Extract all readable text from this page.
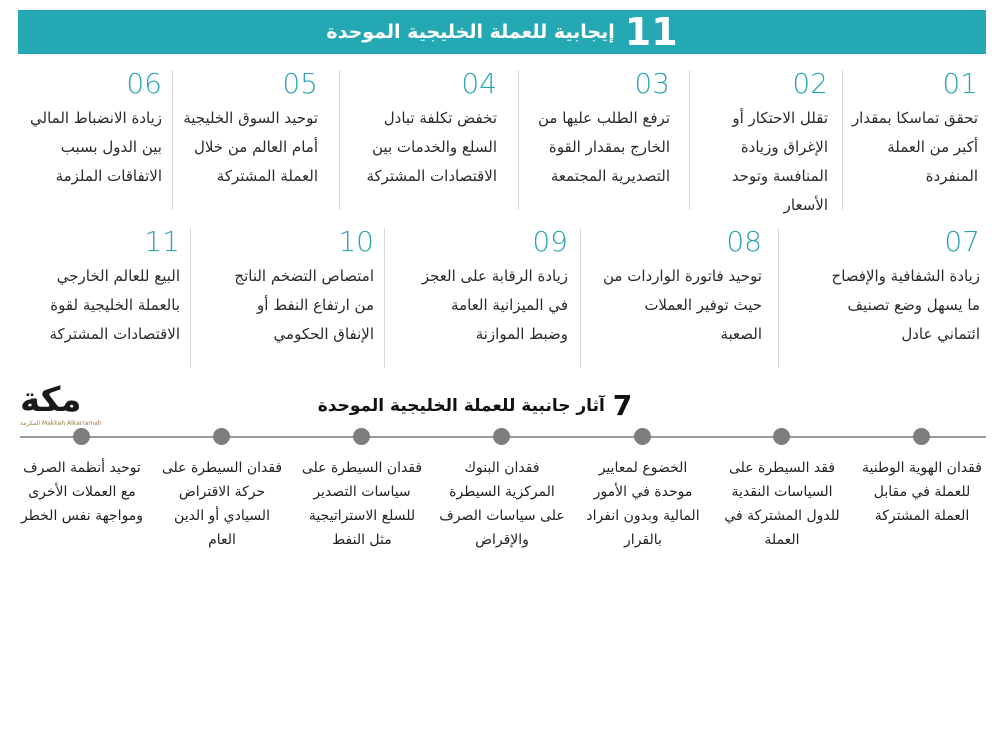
11
إيجابية للعملة الخليجية الموحدة
01
تحقق تماسكا بمقدار أكبر من العملة المنفردة
02
تقلل الاحتكار أو الإغراق وزيادة المنافسة وتوحد الأسعار
03
ترفع الطلب عليها من الخارج بمقدار القوة التصديرية المجتمعة
04
تخفض تكلفة تبادل السلع والخدمات بين الاقتصادات المشتركة
05
توحيد السوق الخليجية أمام العالم من خلال العملة المشتركة
06
زيادة الانضباط المالي بين الدول بسبب الاتفاقات الملزمة
07
زيادة الشفافية والإفصاح ما يسهل وضع تصنيف ائتماني عادل
08
توحيد فاتورة الواردات من حيث توفير العملات الصعبة
09
زيادة الرقابة على العجز في الميزانية العامة وضبط الموازنة
10
امتصاص التضخم الناتج من ارتفاع النفط أو الإنفاق الحكومي
11
البيع للعالم الخارجي بالعملة الخليجية لقوة الاقتصادات المشتركة
مكة
المكرمة Makkah Alkarramah
7
آثار جانبية للعملة الخليجية الموحدة
فقدان الهوية الوطنية للعملة في مقابل العملة المشتركة
فقد السيطرة على السياسات النقدية للدول المشتركة في العملة
الخضوع لمعايير موحدة في الأمور المالية وبدون انفراد بالقرار
فقدان البنوك المركزية السيطرة على سياسات الصرف والإقراض
فقدان السيطرة على سياسات التصدير للسلع الاستراتيجية مثل النفط
فقدان السيطرة على حركة الاقتراض السيادي أو الدين العام
توحيد أنظمة الصرف مع العملات الأخرى ومواجهة نفس الخطر
